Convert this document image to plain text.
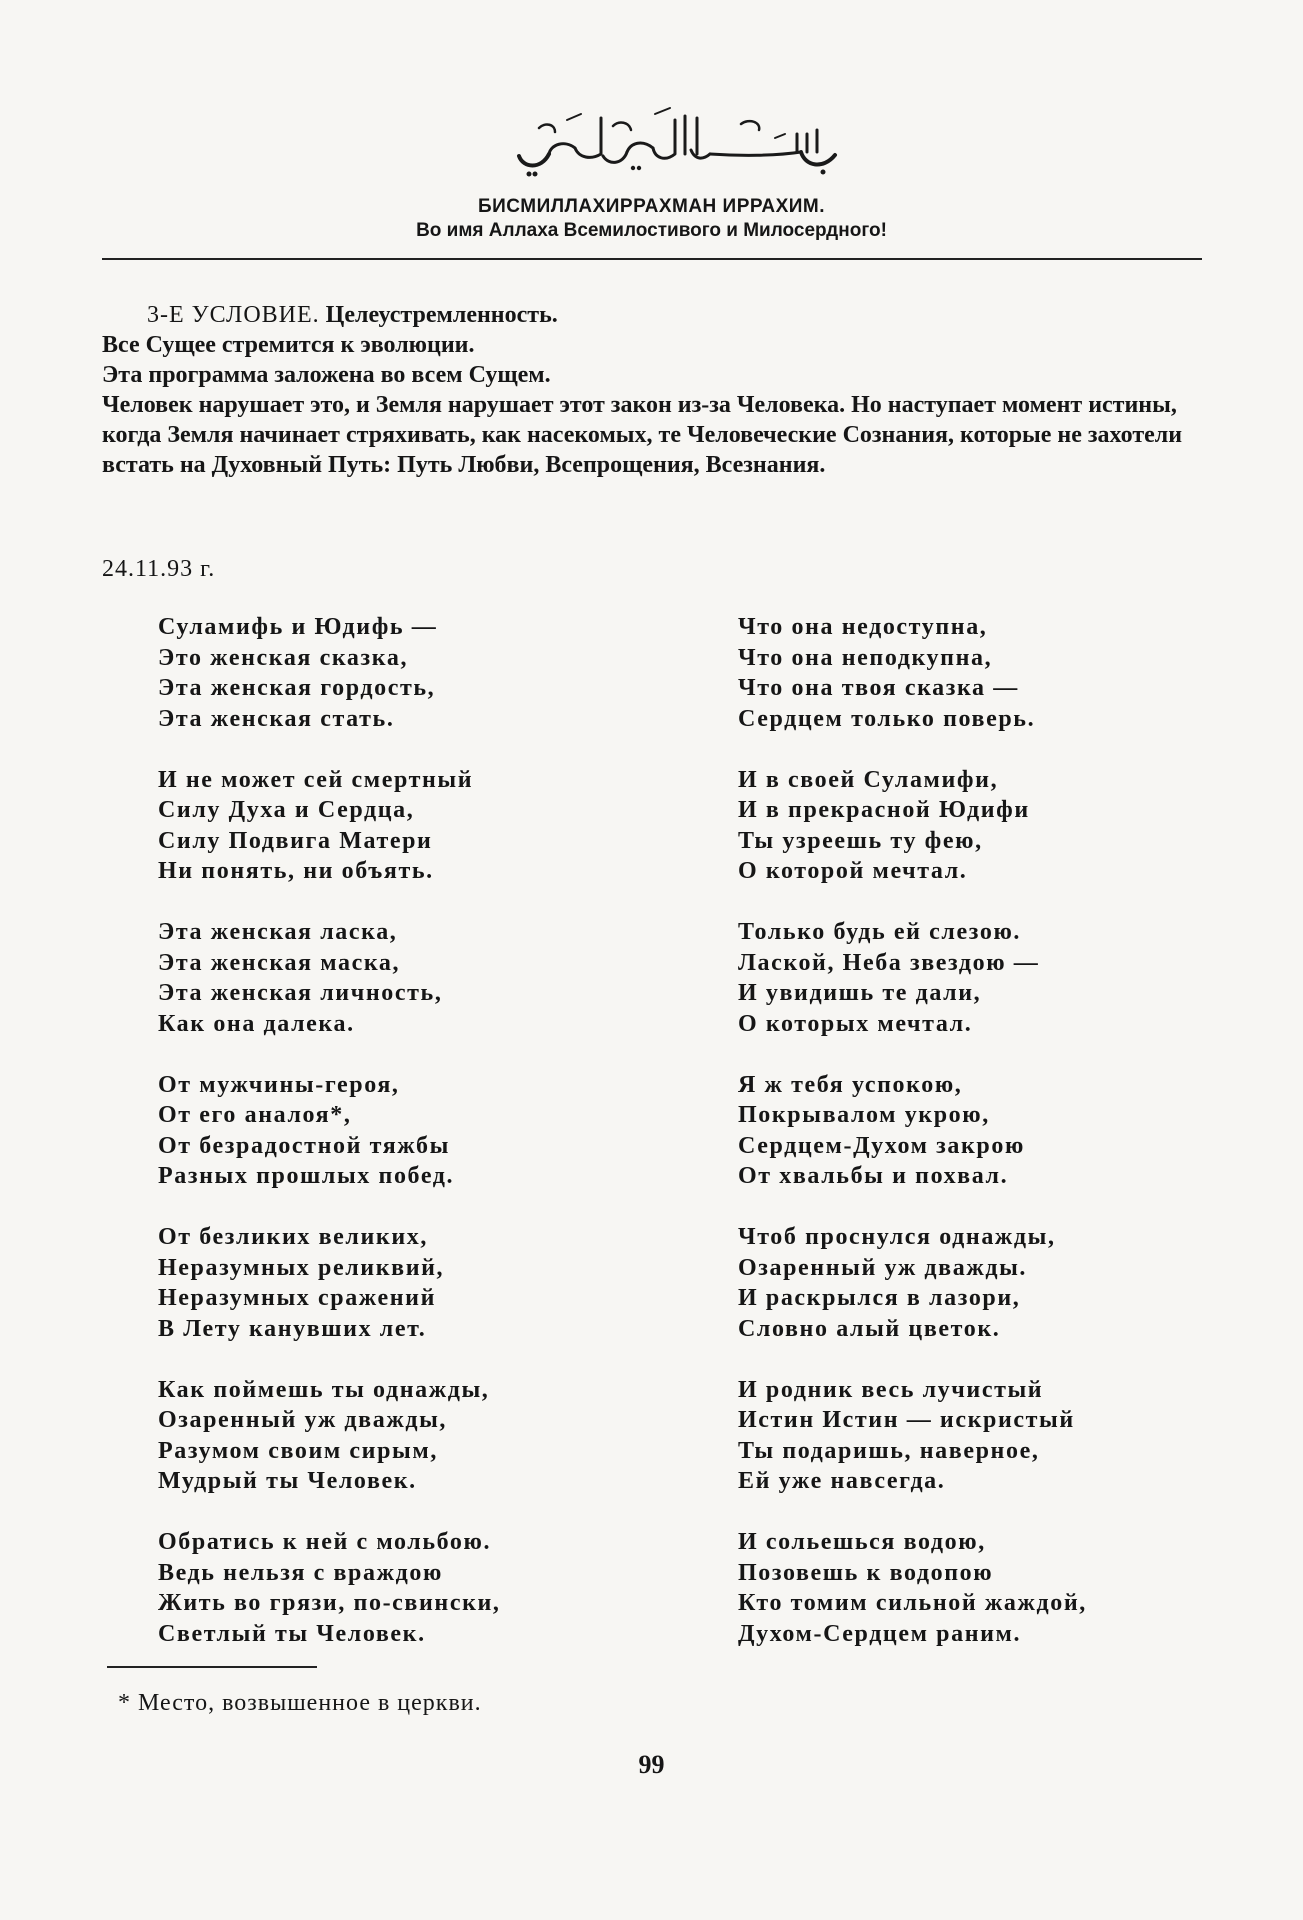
БИСМИЛЛАХИРРАХМАН ИРРАХИМ.
Во имя Аллаха Всемилостивого и Милосердного!

3-Е УСЛОВИЕ. Целеустремленность.

Все Сущее стремится к эволюции.

Эта программа заложена во всем Сущем.

Человек нарушает это, и Земля нарушает этот закон из-за Человека. Но наступает момент истины, когда Земля начинает стряхивать, как насекомых, те Человеческие Сознания, которые не захотели встать на Духовный Путь: Путь Любви, Всепрощения, Всезнания.

24.11.93 г.
Суламифь и Юдифь —
Это женская сказка,
Эта женская гордость,
Эта женская стать.
И не может сей смертный
Силу Духа и Сердца,
Силу Подвига Матери
Ни понять, ни объять.
Эта женская ласка,
Эта женская маска,
Эта женская личность,
Как она далека.
От мужчины-героя,
От его аналоя*,
От безрадостной тяжбы
Разных прошлых побед.
От безликих великих,
Неразумных реликвий,
Неразумных сражений
В Лету канувших лет.
Как поймешь ты однажды,
Озаренный уж дважды,
Разумом своим сирым,
Мудрый ты Человек.
Обратись к ней с мольбою.
Ведь нельзя с враждою
Жить во грязи, по-свински,
Светлый ты Человек.
Что она недоступна,
Что она неподкупна,
Что она твоя сказка —
Сердцем только поверь.
И в своей Суламифи,
И в прекрасной Юдифи
Ты узреешь ту фею,
О которой мечтал.
Только будь ей слезою.
Лаской, Неба звездою —
И увидишь те дали,
О которых мечтал.
Я ж тебя успокою,
Покрывалом укрою,
Сердцем-Духом закрою
От хвальбы и похвал.
Чтоб проснулся однажды,
Озаренный уж дважды.
И раскрылся в лазори,
Словно алый цветок.
И родник весь лучистый
Истин Истин — искристый
Ты подаришь, наверное,
Ей уже навсегда.
И сольешься водою,
Позовешь к водопою
Кто томим сильной жаждой,
Духом-Сердцем раним.
* Место, возвышенное в церкви.
99
